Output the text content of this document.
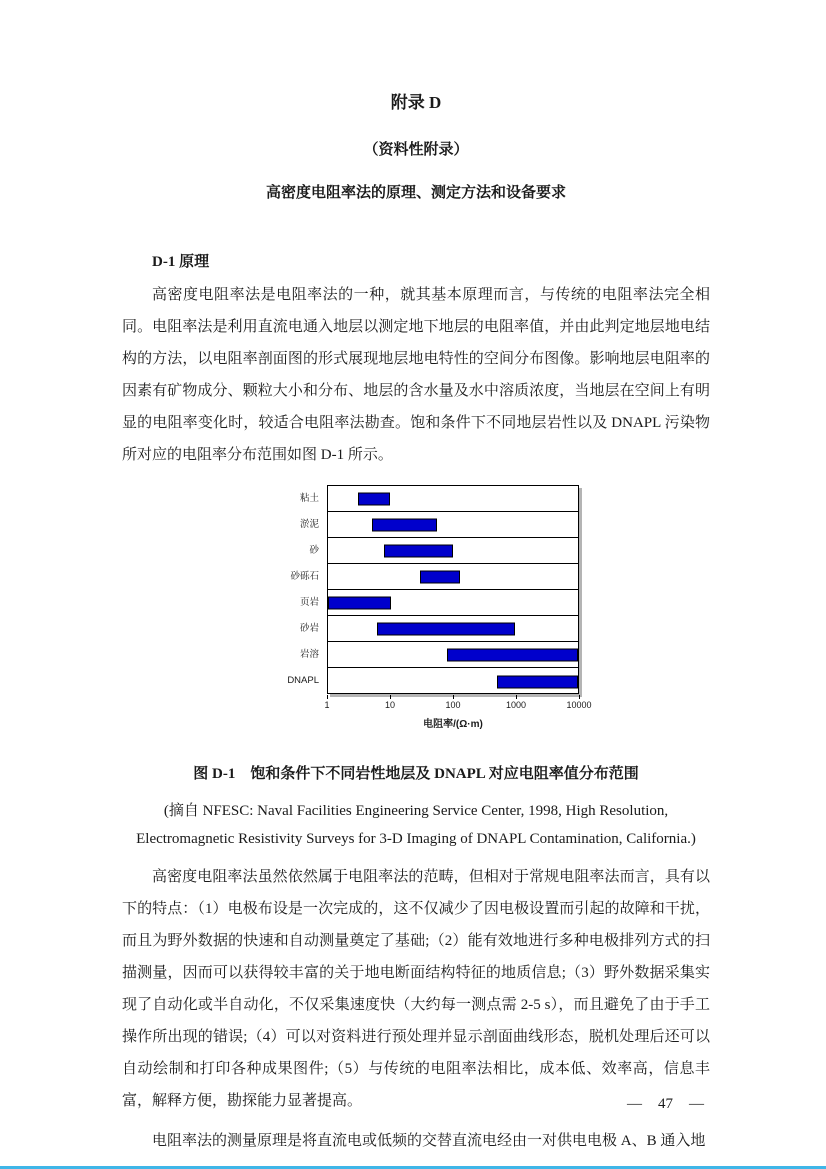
附录 D
（资料性附录）
高密度电阻率法的原理、测定方法和设备要求
D-1 原理

高密度电阻率法是电阻率法的一种，就其基本原理而言，与传统的电阻率法完全相同。电阻率法是利用直流电通入地层以测定地下地层的电阻率值，并由此判定地层地电结构的方法，以电阻率剖面图的形式展现地层地电特性的空间分布图像。影响地层电阻率的因素有矿物成分、颗粒大小和分布、地层的含水量及水中溶质浓度，当地层在空间上有明显的电阻率变化时，较适合电阻率法勘查。饱和条件下不同地层岩性以及 DNAPL 污染物所对应的电阻率分布范围如图 D-1 所示。

粘土
淤泥
砂
砂砾石
页岩
砂岩
岩溶
DNAPL
1	10	100	1000	10000
电阻率/(Ω·m)
图 D-1　饱和条件下不同岩性地层及 DNAPL 对应电阻率值分布范围
(摘自 NFESC: Naval Facilities Engineering Service Center, 1998, High Resolution,
Electromagnetic Resistivity Surveys for 3-D Imaging of DNAPL Contamination, California.)

高密度电阻率法虽然依然属于电阻率法的范畴，但相对于常规电阻率法而言，具有以下的特点：（1）电极布设是一次完成的，这不仅减少了因电极设置而引起的故障和干扰，而且为野外数据的快速和自动测量奠定了基础;（2）能有效地进行多种电极排列方式的扫描测量，因而可以获得较丰富的关于地电断面结构特征的地质信息;（3）野外数据采集实现了自动化或半自动化，不仅采集速度快（大约每一测点需 2-5 s），而且避免了由于手工操作所出现的错误;（4）可以对资料进行预处理并显示剖面曲线形态，脱机处理后还可以自动绘制和打印各种成果图件;（5）与传统的电阻率法相比，成本低、效率高，信息丰富，解释方便，勘探能力显著提高。

电阻率法的测量原理是将直流电或低频的交替直流电经由一对供电电极 A、B 通入地

— 47 —
